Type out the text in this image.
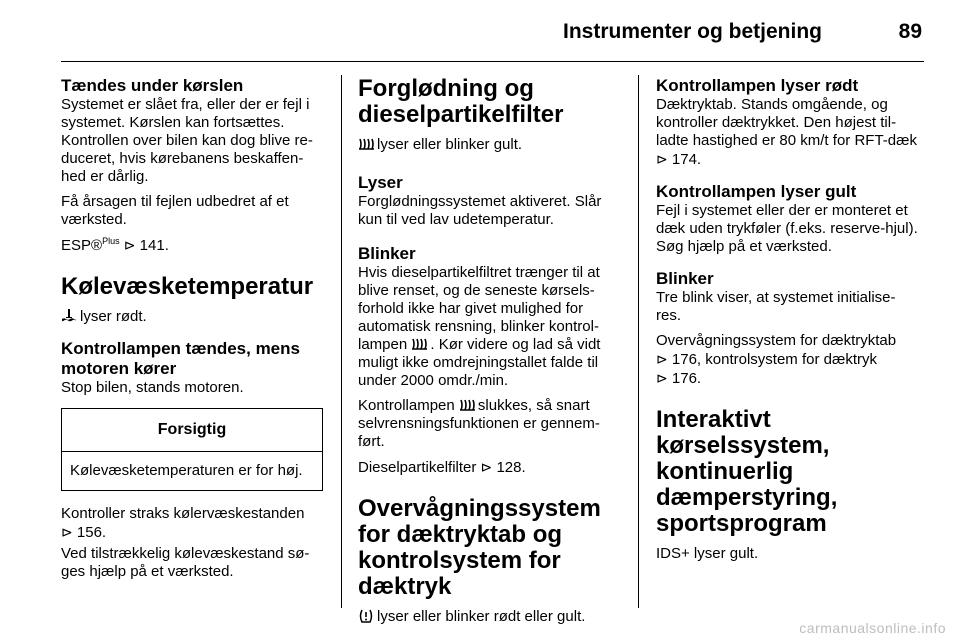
Instrumenter og betjening	89
Tændes under kørslen

Systemet er slået fra, eller der er fejl i systemet. Kørslen kan fortsættes. Kontrollen over bilen kan dog blive re-duceret, hvis kørebanens beskaffen-hed er dårlig.

Få årsagen til fejlen udbedret af et værksted.

ESP®$^{Plus}$ ⊳ 141.

Kølevæsketemperatur

lyser rødt.

Kontrollampen tændes, mens motoren kører

Stop bilen, stands motoren.

Forsigtig
Kølevæsketemperaturen er for høj.

Kontroller straks kølervæskestanden
⊳ 156.

Ved tilstrækkelig kølevæskestand sø-ges hjælp på et værksted.

Forglødning og dieselpartikelfilter

lyser eller blinker gult.

Lyser

Forglødningssystemet aktiveret. Slår kun til ved lav udetemperatur.

Blinker

Hvis dieselpartikelfiltret trænger til at blive renset, og de seneste kørsels-forhold ikke har givet mulighed for automatisk rensning, blinker kontrol-lampen . Kør videre og lad så vidt muligt ikke omdrejningstallet falde til under 2000 omdr./min.

Kontrollampen slukkes, så snart selvrensningsfunktionen er gennem-ført.

Dieselpartikelfilter ⊳ 128.

Overvågningssystem for dæktryktab og kontrolsystem for dæktryk

lyser eller blinker rødt eller gult.

Kontrollampen lyser rødt

Dæktryktab. Stands omgående, og kontroller dæktrykket. Den højest til-ladte hastighed er 80 km/t for RFT-dæk ⊳ 174.

Kontrollampen lyser gult

Fejl i systemet eller der er monteret et dæk uden trykføler (f.eks. reserve-hjul). Søg hjælp på et værksted.

Blinker

Tre blink viser, at systemet initialise-res.

Overvågningssystem for dæktryktab
⊳ 176, kontrolsystem for dæktryk
⊳ 176.

Interaktivt kørselssystem, kontinuerlig dæmperstyring, sportsprogram

IDS+ lyser gult.

carmanualsonline.info
